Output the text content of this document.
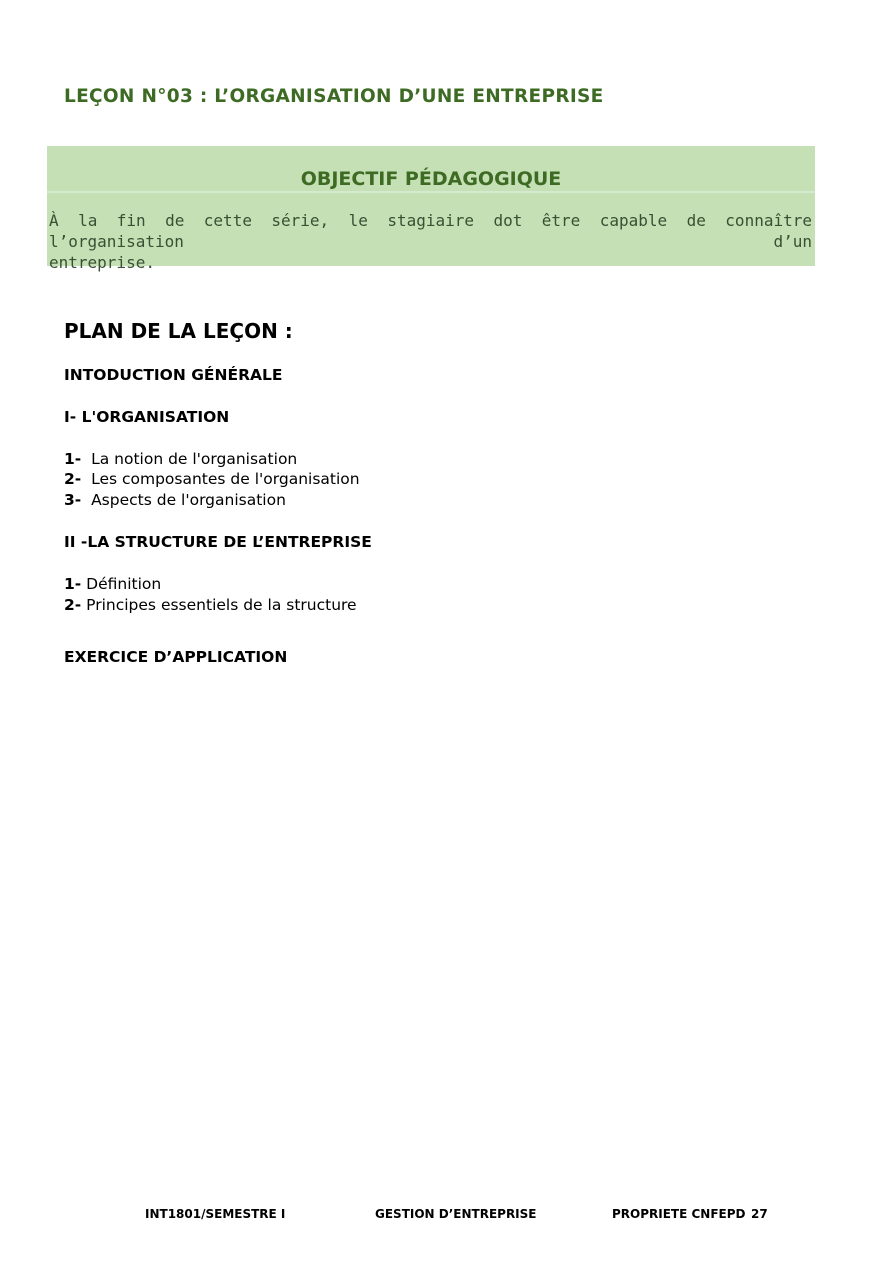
LEÇON N°03 : L’ORGANISATION D’UNE ENTREPRISE
OBJECTIF PÉDAGOGIQUE
À la fin de cette série, le stagiaire dot être capable de connaître l’organisation d’un
entreprise.
PLAN DE LA LEÇON :
INTODUCTION GÉNÉRALE
I- L'ORGANISATION
1- La notion de l'organisation
2- Les composantes de l'organisation
3- Aspects de l'organisation
II -LA STRUCTURE DE L’ENTREPRISE
1- Définition
2- Principes essentiels de la structure
EXERCICE D’APPLICATION
INT1801/SEMESTRE I	GESTION D’ENTREPRISE	PROPRIETE CNFEPD 27
